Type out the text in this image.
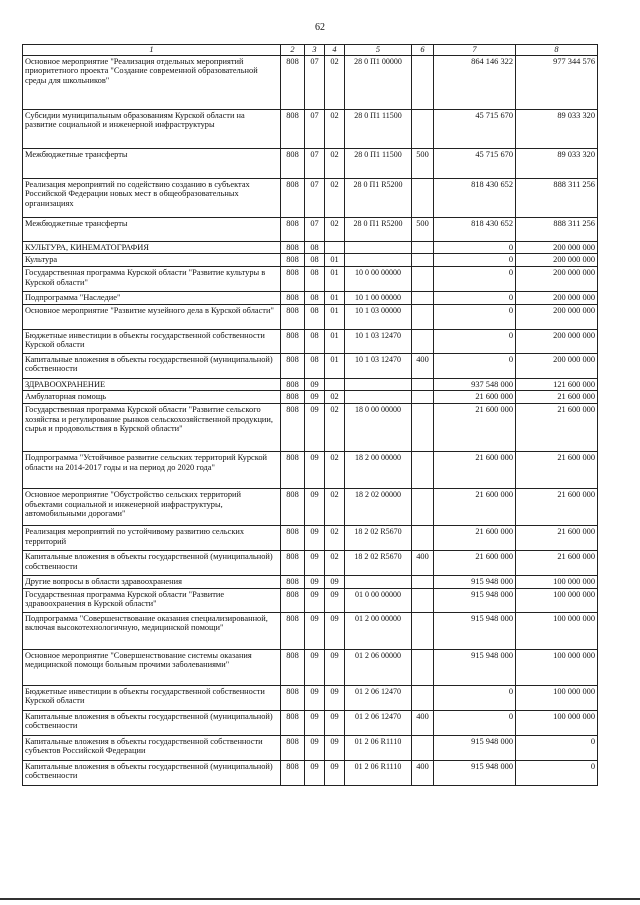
62
1	2	3	4	5	6	7	8
Основное мероприятие "Реализация отдельных мероприятий приоритетного проекта "Создание современной образовательной среды для школьников"	808	07	02	28 0 П1 00000		864 146 322	977 344 576
Субсидии муниципальным образованиям Курской области на развитие социальной и инженерной инфраструктуры	808	07	02	28 0 П1 11500		45 715 670	89 033 320
Межбюджетные трансферты	808	07	02	28 0 П1 11500	500	45 715 670	89 033 320
Реализация мероприятий по содействию созданию в субъектах Российской Федерации новых мест в общеобразовательных организациях	808	07	02	28 0 П1 R5200		818 430 652	888 311 256
Межбюджетные трансферты	808	07	02	28 0 П1 R5200	500	818 430 652	888 311 256
КУЛЬТУРА, КИНЕМАТОГРАФИЯ	808	08				0	200 000 000
Культура	808	08	01			0	200 000 000
Государственная программа Курской области "Развитие культуры в Курской области"	808	08	01	10 0 00 00000		0	200 000 000
Подпрограмма "Наследие"	808	08	01	10 1 00 00000		0	200 000 000
Основное мероприятие "Развитие музейного дела в Курской области"	808	08	01	10 1 03 00000		0	200 000 000
Бюджетные инвестиции в объекты государственной собственности Курской области	808	08	01	10 1 03 12470		0	200 000 000
Капитальные вложения в объекты государственной (муниципальной) собственности	808	08	01	10 1 03 12470	400	0	200 000 000
ЗДРАВООХРАНЕНИЕ	808	09				937 548 000	121 600 000
Амбулаторная помощь	808	09	02			21 600 000	21 600 000
Государственная программа Курской области "Развитие сельского хозяйства и регулирование рынков сельскохозяйственной продукции, сырья и продовольствия в Курской области"	808	09	02	18 0 00 00000		21 600 000	21 600 000
Подпрограмма "Устойчивое развитие сельских территорий Курской области на 2014-2017 годы и на период до 2020 года"	808	09	02	18 2 00 00000		21 600 000	21 600 000
Основное мероприятие "Обустройство сельских территорий объектами социальной и инженерной инфраструктуры, автомобильными дорогами"	808	09	02	18 2 02 00000		21 600 000	21 600 000
Реализация мероприятий по устойчивому развитию сельских территорий	808	09	02	18 2 02 R5670		21 600 000	21 600 000
Капитальные вложения в объекты государственной (муниципальной) собственности	808	09	02	18 2 02 R5670	400	21 600 000	21 600 000
Другие вопросы в области здравоохранения	808	09	09			915 948 000	100 000 000
Государственная программа Курской области "Развитие здравоохранения в Курской области"	808	09	09	01 0 00 00000		915 948 000	100 000 000
Подпрограмма "Совершенствование оказания специализированной, включая высокотехнологичную, медицинской помощи"	808	09	09	01 2 00 00000		915 948 000	100 000 000
Основное мероприятие "Совершенствование системы оказания медицинской помощи больным прочими заболеваниями"	808	09	09	01 2 06 00000		915 948 000	100 000 000
Бюджетные инвестиции в объекты государственной собственности Курской области	808	09	09	01 2 06 12470		0	100 000 000
Капитальные вложения в объекты государственной (муниципальной) собственности	808	09	09	01 2 06 12470	400	0	100 000 000
Капитальные вложения в объекты государственной собственности субъектов Российской Федерации	808	09	09	01 2 06 R1110		915 948 000	0
Капитальные вложения в объекты государственной (муниципальной) собственности	808	09	09	01 2 06 R1110	400	915 948 000	0
